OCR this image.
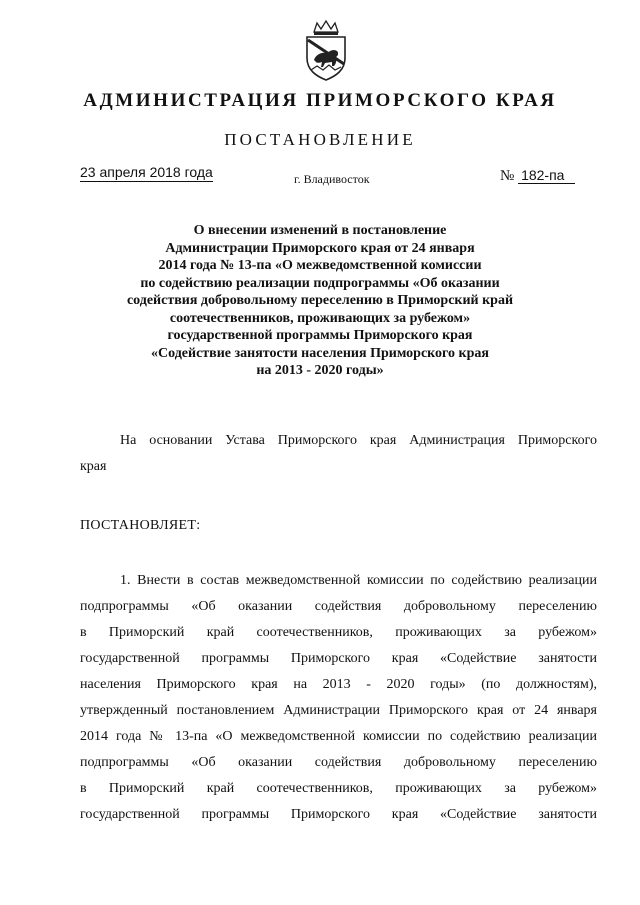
АДМИНИСТРАЦИЯ ПРИМОРСКОГО КРАЯ
ПОСТАНОВЛЕНИЕ
23 апреля 2018 года	г. Владивосток	№ 182-па
О внесении изменений в постановление
Администрации Приморского края от 24 января
2014 года № 13-па «О межведомственной комиссии
по содействию реализации подпрограммы «Об оказании
содействия добровольному переселению в Приморский край
соотечественников, проживающих за рубежом»
государственной программы Приморского края
«Содействие занятости населения Приморского края
на 2013 - 2020 годы»
На основании Устава Приморского края Администрация Приморского
края
ПОСТАНОВЛЯЕТ:
1. Внести в состав межведомственной комиссии по содействию реализации
подпрограммы «Об оказании содействия добровольному переселению
в Приморский край соотечественников, проживающих за рубежом»
государственной программы Приморского края «Содействие занятости
населения Приморского края на 2013 - 2020 годы» (по должностям),
утвержденный постановлением Администрации Приморского края от 24 января
2014 года № 13-па «О межведомственной комиссии по содействию реализации
подпрограммы «Об оказании содействия добровольному переселению
в Приморский край соотечественников, проживающих за рубежом»
государственной программы Приморского края «Содействие занятости
